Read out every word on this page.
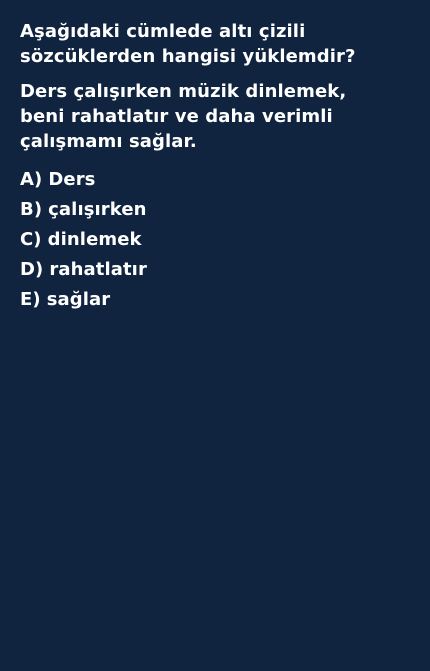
Aşağıdaki cümlede altı çizili
sözcüklerden hangisi yüklemdir?

Ders çalışırken müzik dinlemek,
beni rahatlatır ve daha verimli
çalışmamı sağlar.

A) Ders
B) çalışırken
C) dinlemek
D) rahatlatır
E) sağlar
